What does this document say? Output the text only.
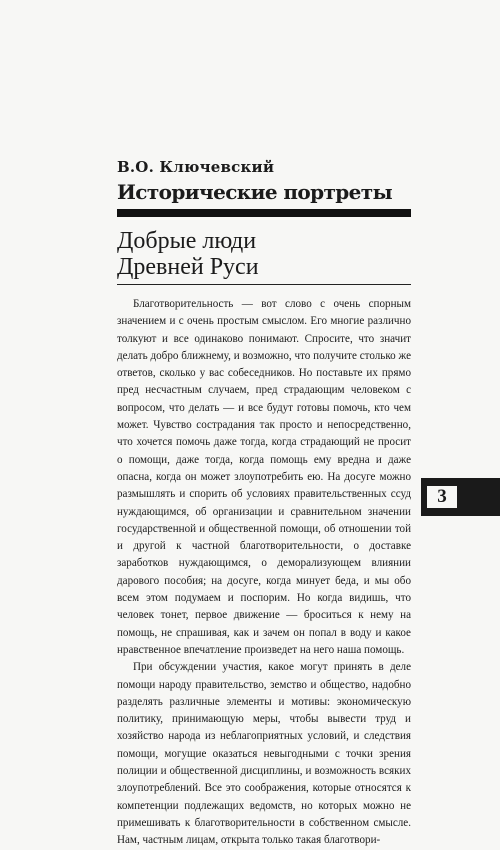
В.О. Ключевский
Исторические портреты
Добрые люди
Древней Руси

Благотворительность — вот слово с очень спорным значением и с очень простым смыслом. Его многие различно толкуют и все одинаково понимают. Спросите, что значит делать добро ближнему, и возможно, что получите столько же ответов, сколько у вас собеседников. Но поставьте их прямо пред несчастным случаем, пред страдающим человеком с вопросом, что делать — и все будут готовы помочь, кто чем может. Чувство сострадания так просто и непосредственно, что хочется помочь даже тогда, когда страдающий не просит о помощи, даже тогда, когда помощь ему вредна и даже опасна, когда он может злоупотребить ею. На досуге можно размышлять и спорить об условиях правительственных ссуд нуждающимся, об организации и сравнительном значении государственной и общественной помощи, об отношении той и другой к частной благотворительности, о доставке заработков нуждающимся, о деморализующем влиянии дарового пособия; на досуге, когда минует беда, и мы обо всем этом подумаем и поспорим. Но когда видишь, что человек тонет, первое движение — броситься к нему на помощь, не спрашивая, как и зачем он попал в воду и какое нравственное впечатление произведет на него наша помощь.

При обсуждении участия, какое могут принять в деле помощи народу правительство, земство и общество, надобно разделять различные элементы и мотивы: экономическую политику, принимающую меры, чтобы вывести труд и хозяйство народа из неблагоприятных условий, и следствия помощи, могущие оказаться невыгодными с точки зрения полиции и общественной дисциплины, и возможность всяких злоупотреблений. Все это соображения, которые относятся к компетенции подлежащих ведомств, но которых можно не примешивать к благотворительности в собственном смысле. Нам, частным лицам, открыта только такая благотвори-

3
